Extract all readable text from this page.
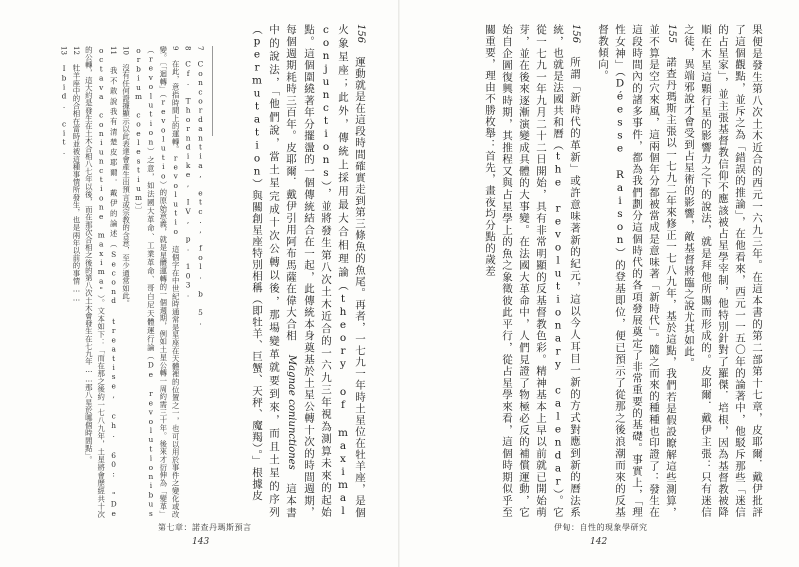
156 運動就是在這段時間確實走到第三條魚的魚尾。再者，一七九一年時土星位在牡羊座，是個火象星座；此外，傳統上採用最大合相理論（theory of maximal conjunctions），並將發生第八次土木近合的一六九三年視為測算未來的起始點。這個圍繞著年分擺盪的一個傳統結合在一起，此傳統本身奠基於土星公轉十次的時間週期，每個週期耗時三百年。皮耶爾．戴伊引用阿布馬薩在偉大合相 Magnae coniunctiones 這本書中的說法，「他們說，當土星完成十次公轉以後，那場變革就要到來，而且土星的序列（permutation）與關創星座特別相稱（即牡羊、巨蟹、天秤、魔羯）。」根據皮

7 Concordantia, etc., fol. b 5.

8 Cf. Thorndike, IV, p. 103.

9 在此，意指時間上的運轉。revolutio 這個字在中世紀時通常是星座在天體裡的位置之一，也可以用於事件之變化或改變。〔「迴轉」（revolutio）的原始意義，就是星體運轉的一個週期，例如土星公轉一周約需三十年。後來才衍伸為「變革」（revolution）之意，如法國大革命、工業革命、哥白尼天體運行論（De revolutionibus orbium coelestium）〕

10 沒有任何證據顯示以此表達會產生出預言或宗教的含意，至少通常如此。

11 我不敢說我有清楚皮耶爾．戴伊的論述（Second treatise, ch. 60: "De octava coniunctione maxima"）。文本如下：「而在那之後約一七八九年，土星將會歷經共十次的公轉，這大約是發生在土木合相八七年以後，而在那次合相之後的第八次土木會發生在七九年……那八星於哪個時間點」。

12 牡羊座中的合相在當時並被這種事情所發生，也是兩年以前的事情……

13 Ibid. cit.

第七章：諾查丹瑪斯預言
143

果便是發生第八次土木近合的西元一六九三年。在這本書的第二部第十七章，皮耶爾．戴伊批評了這個觀點，並斥之為「錯誤的推論」，在他看來，西元一一五〇年的論著中，他駁斥那些「迷信的占星家」，並主張基督教信仰不應該被占星學宰制，他特別針對了羅傑．培根，因為基督教被降順在木星這顆行星的影響力之下的說法，就是拜他所賜而形成的。皮耶爾．戴伊主張：只有迷信之徒，異端邪說才會受到占星術的影響，敵基督將臨之說尤其如此。

155 諾查丹瑪斯主張以一七九二年來修正一七八九年，基於這點，我們若是假設瞭解這些測算，並不算是空穴來風，這兩個年分都被當成是意味著「新時代」。隨之而來的種種也印證了：發生在這段時間內的諸多事件，都為我們劃分這個時代的各項發展奠定了非常重要的基礎。事實上，「理性女神」（Déesse Raison）的登基即位，便已預示了從那之後浪潮而來的反基督教傾向。

156 所謂「新時代的革新」或許意味著新的紀元，這以今人耳目一新的方式對應到新的曆法系統，也就是法國共和曆（the revolutionary calendar）。它從一七九一年九月二十二日開始，具有非常明顯的反基督教色彩。精神基本上早以前就已開始萌芽，並在後來逐漸演變成具體的大事變。在法國大革命中，人們見證了物極必反的補償運動，它始自企圖復興時期，其推程又與占星學上的魚之象徵彼此平行，從占星學來看，這個時期似乎至關重要，理由不勝枚舉：首先，畫夜均分點的歲差

伊甸：自性的現象學研究
142
